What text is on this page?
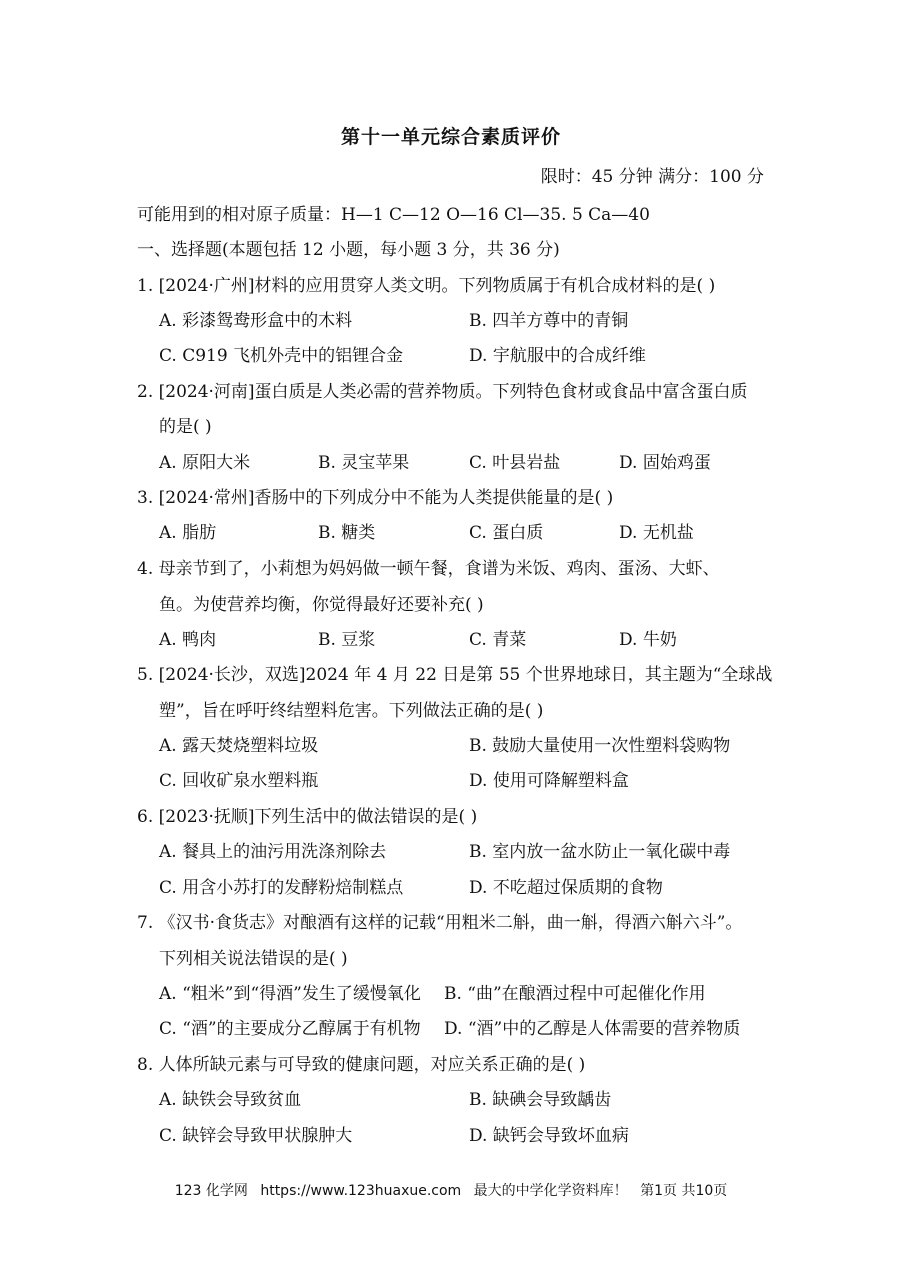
第十一单元综合素质评价
限时：45 分钟 满分：100 分
可能用到的相对原子质量：H—1 C—12 O—16 Cl—35. 5 Ca—40
一、选择题(本题包括 12 小题，每小题 3 分，共 36 分)
1. [2024·广州]材料的应用贯穿人类文明。下列物质属于有机合成材料的是( )
A. 彩漆鸳鸯形盒中的木料	B. 四羊方尊中的青铜
C. C919 飞机外壳中的铝锂合金	D. 宇航服中的合成纤维
2. [2024·河南]蛋白质是人类必需的营养物质。下列特色食材或食品中富含蛋白质
的是( )
A. 原阳大米	B. 灵宝苹果	C. 叶县岩盐	D. 固始鸡蛋
3. [2024·常州]香肠中的下列成分中不能为人类提供能量的是( )
A. 脂肪	B. 糖类	C. 蛋白质	D. 无机盐
4. 母亲节到了，小莉想为妈妈做一顿午餐，食谱为米饭、鸡肉、蛋汤、大虾、
鱼。为使营养均衡，你觉得最好还要补充( )
A. 鸭肉	B. 豆浆	C. 青菜	D. 牛奶
5. [2024·长沙，双选]2024 年 4 月 22 日是第 55 个世界地球日，其主题为“全球战
塑”，旨在呼吁终结塑料危害。下列做法正确的是( )
A. 露天焚烧塑料垃圾	B. 鼓励大量使用一次性塑料袋购物
C. 回收矿泉水塑料瓶	D. 使用可降解塑料盒
6. [2023·抚顺]下列生活中的做法错误的是( )
A. 餐具上的油污用洗涤剂除去	B. 室内放一盆水防止一氧化碳中毒
C. 用含小苏打的发酵粉焙制糕点	D. 不吃超过保质期的食物
7. 《汉书·食货志》对酿酒有这样的记载“用粗米二斛，曲一斛，得酒六斛六斗”。
下列相关说法错误的是( )
A. “粗米”到“得酒”发生了缓慢氧化 B. “曲”在酿酒过程中可起催化作用
C. “酒”的主要成分乙醇属于有机物 D. “酒”中的乙醇是人体需要的营养物质
8. 人体所缺元素与可导致的健康问题，对应关系正确的是( )
A. 缺铁会导致贫血	B. 缺碘会导致龋齿
C. 缺锌会导致甲状腺肿大	D. 缺钙会导致坏血病
123 化学网 https://www.123huaxue.com 最大的中学化学资料库！ 第1页 共10页
